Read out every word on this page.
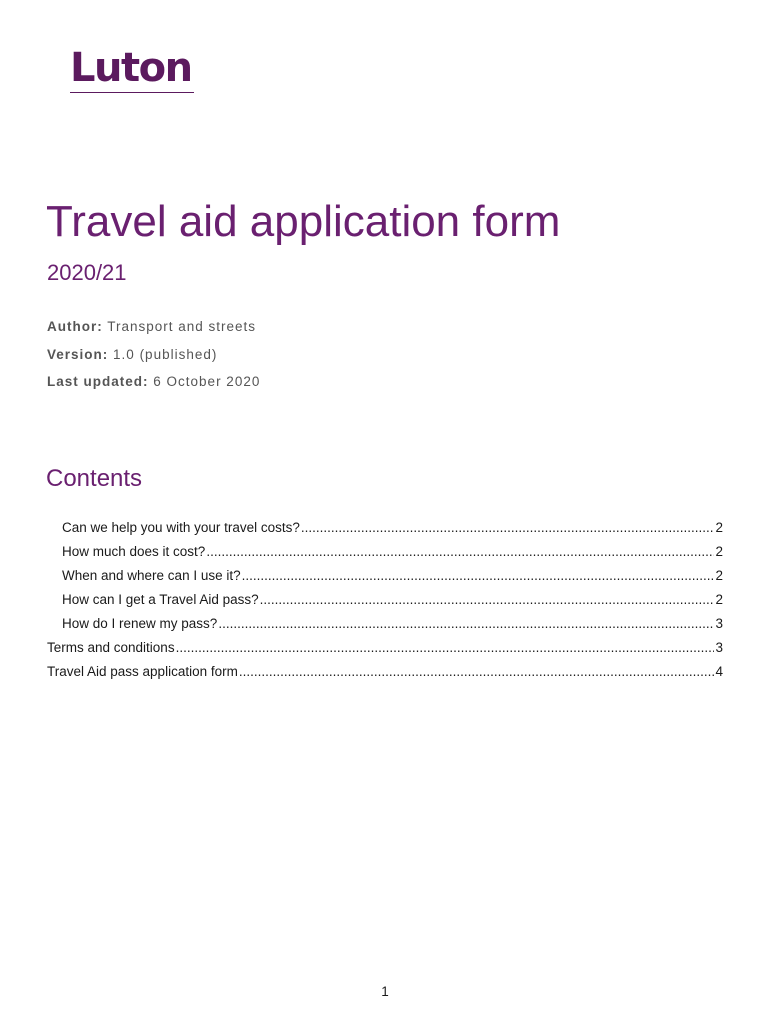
Luton
Travel aid application form
2020/21
Author: Transport and streets
Version: 1.0 (published)
Last updated: 6 October 2020
Contents
Can we help you with your travel costs? .....	2
How much does it cost? .....	2
When and where can I use it? .....	2
How can I get a Travel Aid pass? .....	2
How do I renew my pass? .....	3
Terms and conditions .....	3
Travel Aid pass application form .....	4
1
